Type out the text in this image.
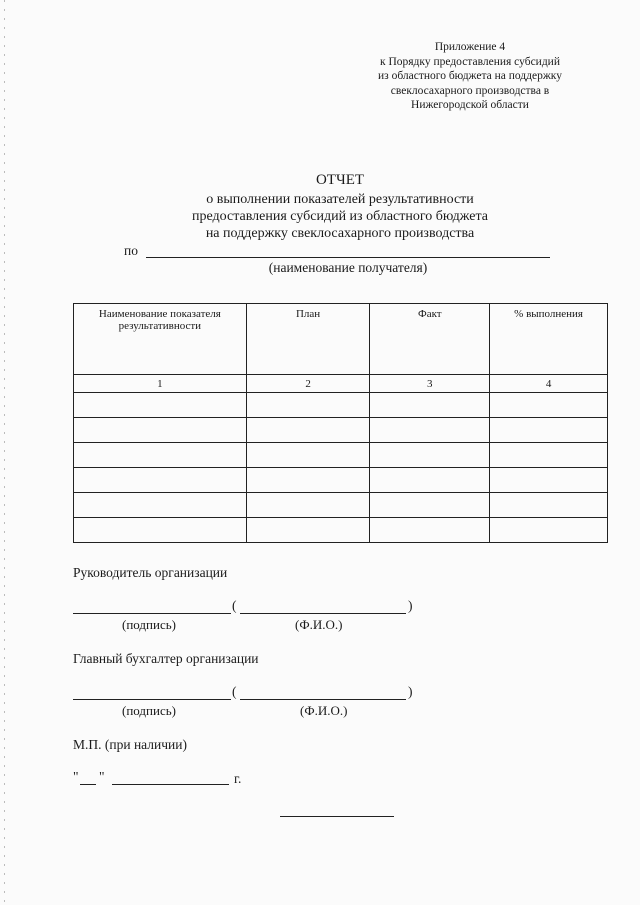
Приложение 4
к Порядку предоставления субсидий
из областного бюджета на поддержку
свеклосахарного производства в
Нижегородской области
ОТЧЕТ
о выполнении показателей результативности
предоставления субсидий из областного бюджета
на поддержку свеклосахарного производства
по
(наименование получателя)
Наименование показателя результативности	План	Факт	% выполнения
1	2	3	4

Руководитель организации
(	)
(подпись)	(Ф.И.О.)
Главный бухгалтер организации
(	)
(подпись)	(Ф.И.О.)
М.П. (при наличии)
" "	г.
